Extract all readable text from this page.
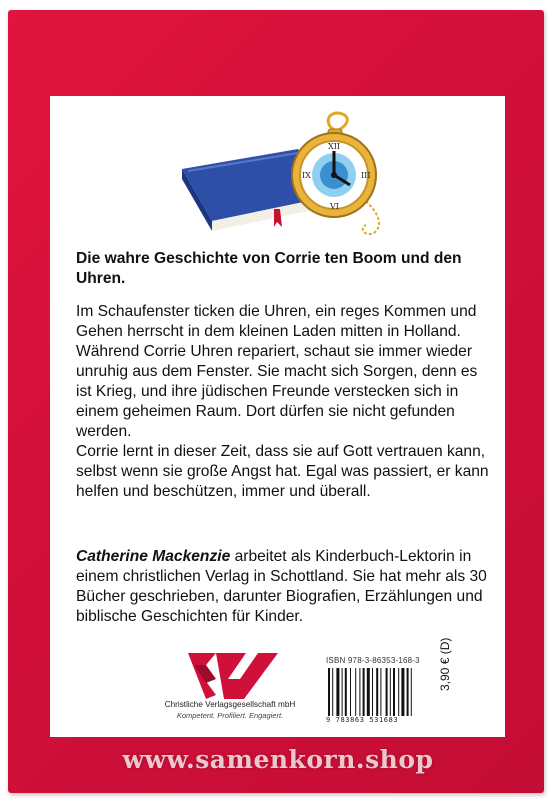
XII
III
VI
IX
Die wahre Geschichte von Corrie ten Boom und den Uhren.

Im Schaufenster ticken die Uhren, ein reges Kommen und Gehen herrscht in dem kleinen Laden mitten in Holland.

Während Corrie Uhren repariert, schaut sie immer wieder unruhig aus dem Fenster. Sie macht sich Sorgen, denn es ist Krieg, und ihre jüdischen Freunde verstecken sich in einem geheimen Raum. Dort dürfen sie nicht gefunden werden.

Corrie lernt in dieser Zeit, dass sie auf Gott vertrauen kann, selbst wenn sie große Angst hat. Egal was passiert, er kann helfen und beschützen, immer und überall.

Catherine Mackenzie arbeitet als Kinderbuch-Lektorin in einem christlichen Verlag in Schottland. Sie hat mehr als 30 Bücher geschrieben, darunter Biografien, Erzählungen und biblische Geschichten für Kinder.
Christliche Verlagsgesellschaft mbH
Kompetent. Profiliert. Engagiert.
ISBN 978-3-86353-168-3
9 783863 531683
3,90 € (D)
www.samenkorn.shop
